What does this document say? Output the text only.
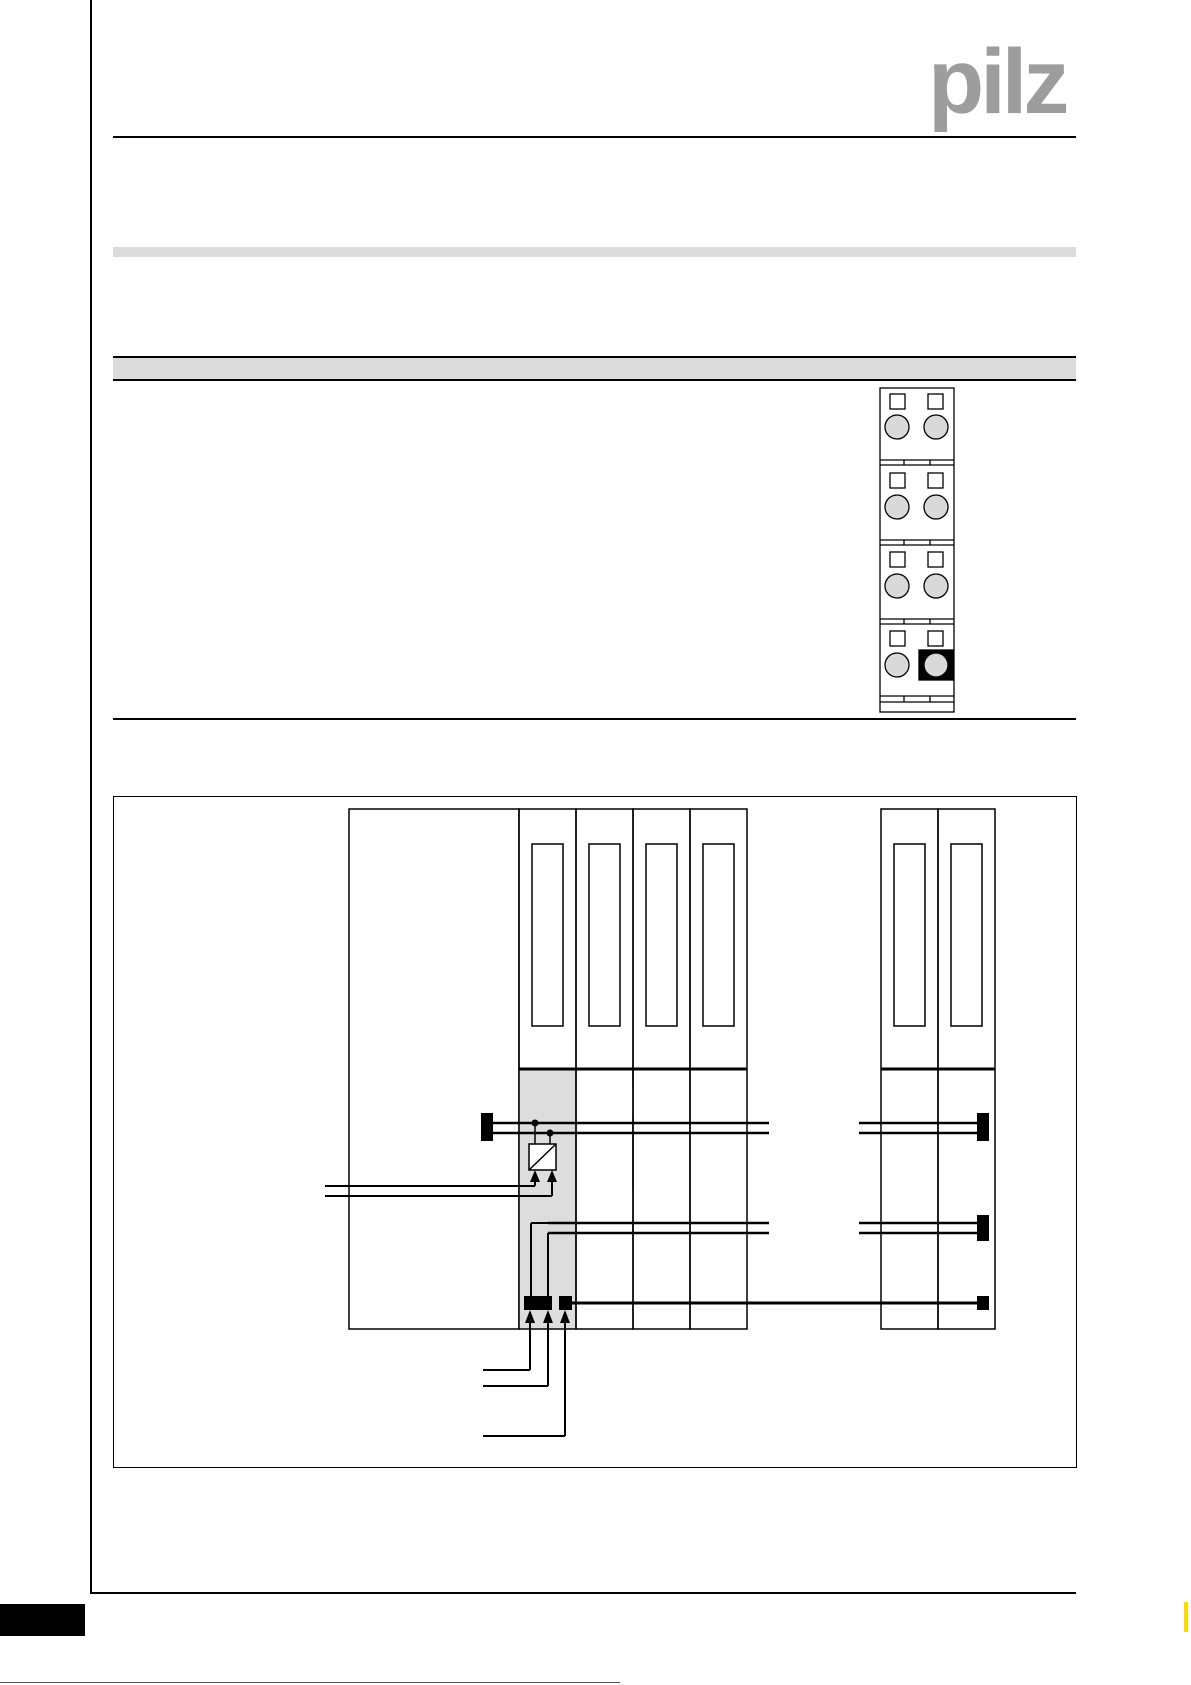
pilz
